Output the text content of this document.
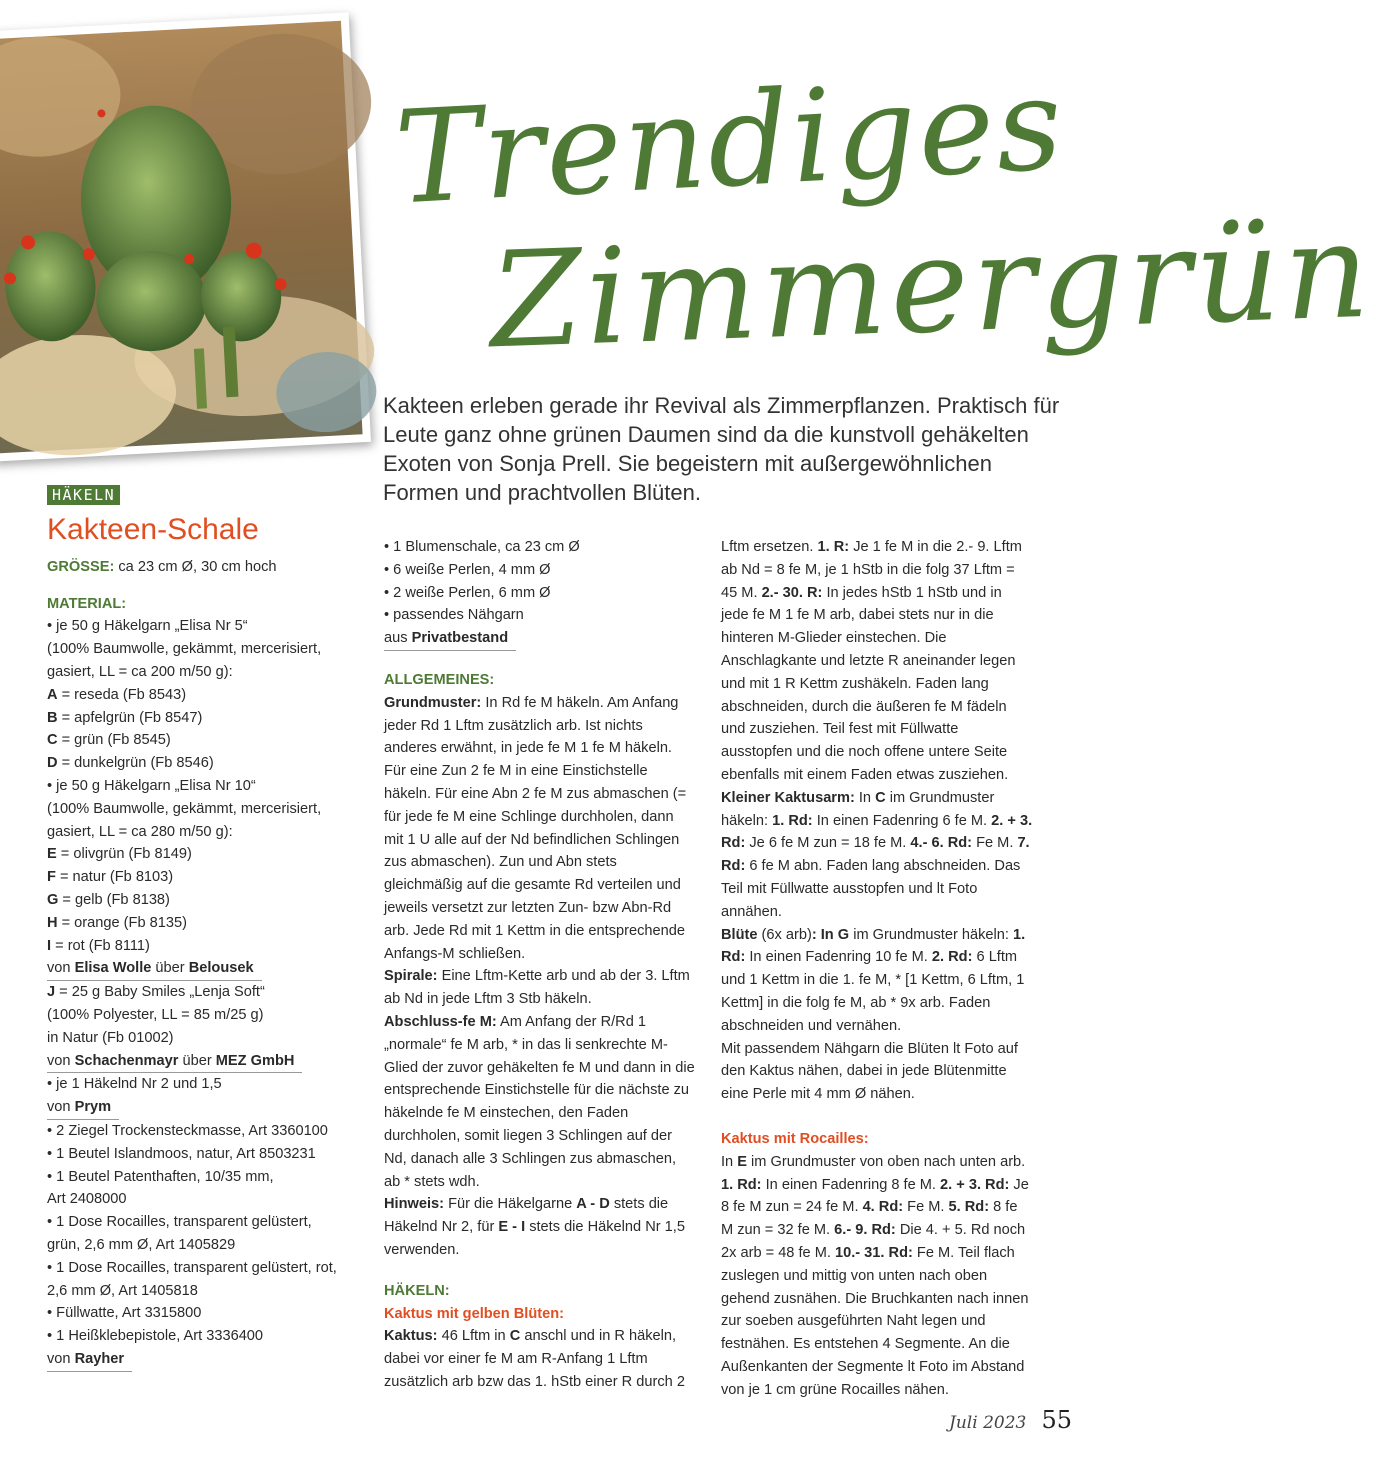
Trendiges
Zimmergrün
Kakteen erleben gerade ihr Revival als Zimmerpflanzen. Praktisch für Leute ganz ohne grünen Daumen sind da die kunstvoll gehäkelten Exoten von Sonja Prell. Sie begeistern mit außergewöhnlichen Formen und prachtvollen Blüten.
HÄKELN
Kakteen-Schale

GRÖSSE: ca 23 cm Ø, 30 cm hoch

MATERIAL:

• je 50 g Häkelgarn „Elisa Nr 5“

(100% Baumwolle, gekämmt, mercerisiert,

gasiert, LL = ca 200 m/50 g):

A = reseda (Fb 8543)

B = apfelgrün (Fb 8547)

C = grün (Fb 8545)

D = dunkelgrün (Fb 8546)

• je 50 g Häkelgarn „Elisa Nr 10“

(100% Baumwolle, gekämmt, mercerisiert,

gasiert, LL = ca 280 m/50 g):

E = olivgrün (Fb 8149)

F = natur (Fb 8103)

G = gelb (Fb 8138)

H = orange (Fb 8135)

I = rot (Fb 8111)

von Elisa Wolle über Belousek

J = 25 g Baby Smiles „Lenja Soft“

(100% Polyester, LL = 85 m/25 g)

in Natur (Fb 01002)

von Schachenmayr über MEZ GmbH

• je 1 Häkelnd Nr 2 und 1,5

von Prym

• 2 Ziegel Trockensteckmasse, Art 3360100

• 1 Beutel Islandmoos, natur, Art 8503231

• 1 Beutel Patenthaften, 10/35 mm,

Art 2408000

• 1 Dose Rocailles, transparent gelüstert,

grün, 2,6 mm Ø, Art 1405829

• 1 Dose Rocailles, transparent gelüstert, rot,

2,6 mm Ø, Art 1405818

• Füllwatte, Art 3315800

• 1 Heißklebepistole, Art 3336400

von Rayher

• 1 Blumenschale, ca 23 cm Ø

• 6 weiße Perlen, 4 mm Ø

• 2 weiße Perlen, 6 mm Ø

• passendes Nähgarn

aus Privatbestand

ALLGEMEINES:

Grundmuster: In Rd fe M häkeln. Am Anfang jeder Rd 1 Lftm zusätzlich arb. Ist nichts anderes erwähnt, in jede fe M 1 fe M häkeln. Für eine Zun 2 fe M in eine Einstichstelle häkeln. Für eine Abn 2 fe M zus abmaschen (= für jede fe M eine Schlinge durchholen, dann mit 1 U alle auf der Nd befindlichen Schlingen zus abmaschen). Zun und Abn stets gleichmäßig auf die gesamte Rd verteilen und jeweils versetzt zur letzten Zun- bzw Abn-Rd arb. Jede Rd mit 1 Kettm in die entsprechende Anfangs-M schließen.

Spirale: Eine Lftm-Kette arb und ab der 3. Lftm ab Nd in jede Lftm 3 Stb häkeln.

Abschluss-fe M: Am Anfang der R/Rd 1 „normale“ fe M arb, * in das li senkrechte M-Glied der zuvor gehäkelten fe M und dann in die entsprechende Einstichstelle für die nächste zu häkelnde fe M einstechen, den Faden durchholen, somit liegen 3 Schlingen auf der Nd, danach alle 3 Schlingen zus abmaschen, ab * stets wdh.

Hinweis: Für die Häkelgarne A - D stets die Häkelnd Nr 2, für E - I stets die Häkelnd Nr 1,5 verwenden.

HÄKELN:

Kaktus mit gelben Blüten:

Kaktus: 46 Lftm in C anschl und in R häkeln, dabei vor einer fe M am R-Anfang 1 Lftm zusätzlich arb bzw das 1. hStb einer R durch 2

Lftm ersetzen. 1. R: Je 1 fe M in die 2.- 9. Lftm ab Nd = 8 fe M, je 1 hStb in die folg 37 Lftm = 45 M. 2.- 30. R: In jedes hStb 1 hStb und in jede fe M 1 fe M arb, dabei stets nur in die hinteren M-Glieder einstechen. Die Anschlagkante und letzte R aneinander legen und mit 1 R Kettm zushäkeln. Faden lang abschneiden, durch die äußeren fe M fädeln und zusziehen. Teil fest mit Füllwatte ausstopfen und die noch offene untere Seite ebenfalls mit einem Faden etwas zusziehen.

Kleiner Kaktusarm: In C im Grundmuster häkeln: 1. Rd: In einen Fadenring 6 fe M. 2. + 3. Rd: Je 6 fe M zun = 18 fe M. 4.- 6. Rd: Fe M. 7. Rd: 6 fe M abn. Faden lang abschneiden. Das Teil mit Füllwatte ausstopfen und lt Foto annähen.

Blüte (6x arb): In G im Grundmuster häkeln: 1. Rd: In einen Fadenring 10 fe M. 2. Rd: 6 Lftm und 1 Kettm in die 1. fe M, * [1 Kettm, 6 Lftm, 1 Kettm] in die folg fe M, ab * 9x arb. Faden abschneiden und vernähen.

Mit passendem Nähgarn die Blüten lt Foto auf den Kaktus nähen, dabei in jede Blütenmitte eine Perle mit 4 mm Ø nähen.

Kaktus mit Rocailles:

In E im Grundmuster von oben nach unten arb. 1. Rd: In einen Fadenring 8 fe M. 2. + 3. Rd: Je 8 fe M zun = 24 fe M. 4. Rd: Fe M. 5. Rd: 8 fe M zun = 32 fe M. 6.- 9. Rd: Die 4. + 5. Rd noch 2x arb = 48 fe M. 10.- 31. Rd: Fe M. Teil flach zuslegen und mittig von unten nach oben gehend zusnähen. Die Bruchkanten nach innen zur soeben ausgeführten Naht legen und festnähen. Es entstehen 4 Segmente. An die Außenkanten der Segmente lt Foto im Abstand von je 1 cm grüne Rocailles nähen.

Juli 2023 55
